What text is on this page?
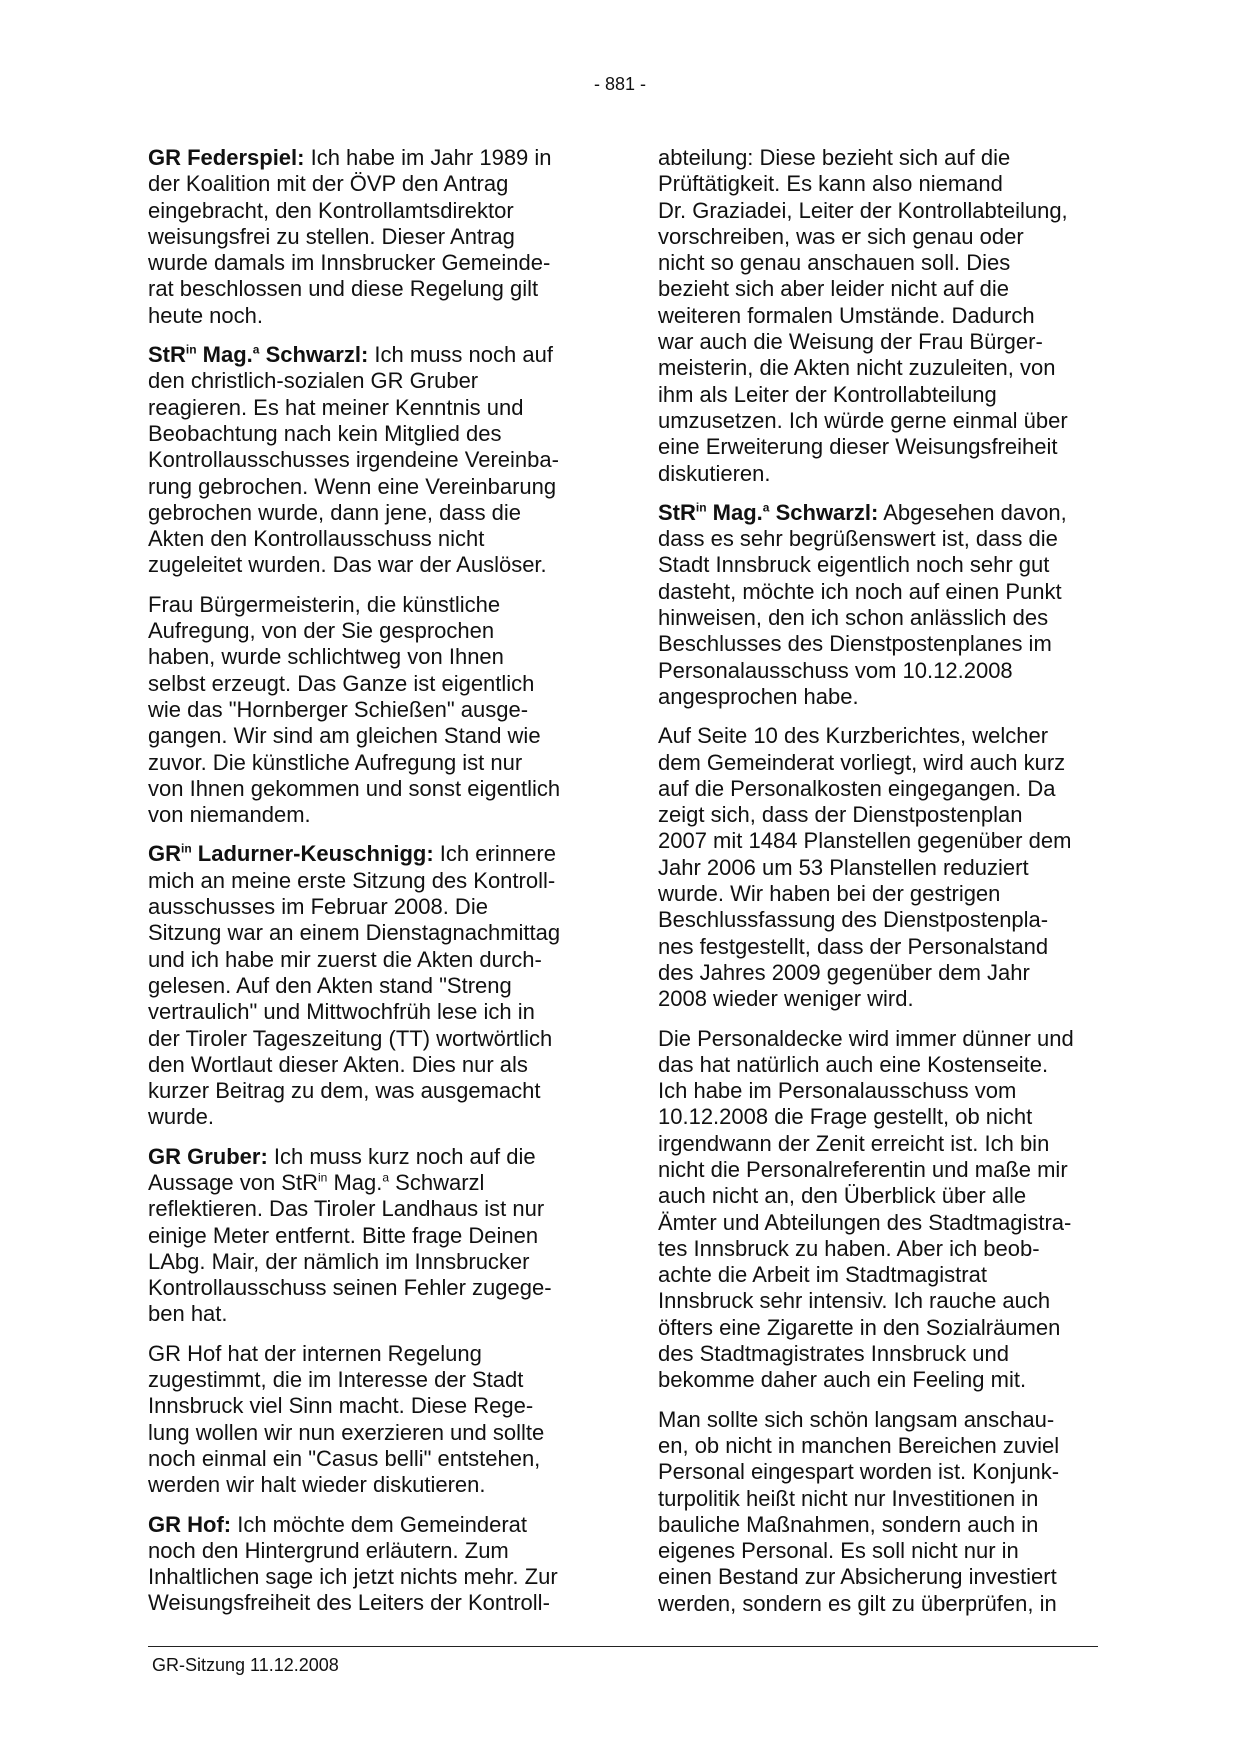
- 881 -

GR Federspiel: Ich habe im Jahr 1989 in
der Koalition mit der ÖVP den Antrag
eingebracht, den Kontrollamtsdirektor
weisungsfrei zu stellen. Dieser Antrag
wurde damals im Innsbrucker Gemeinde-
rat beschlossen und diese Regelung gilt
heute noch.

StR$^{in}$ Mag.$^a$ Schwarzl: Ich muss noch auf
den christlich-sozialen GR Gruber
reagieren. Es hat meiner Kenntnis und
Beobachtung nach kein Mitglied des
Kontrollausschusses irgendeine Vereinba-
rung gebrochen. Wenn eine Vereinbarung
gebrochen wurde, dann jene, dass die
Akten den Kontrollausschuss nicht
zugeleitet wurden. Das war der Auslöser.

Frau Bürgermeisterin, die künstliche
Aufregung, von der Sie gesprochen
haben, wurde schlichtweg von Ihnen
selbst erzeugt. Das Ganze ist eigentlich
wie das "Hornberger Schießen" ausge-
gangen. Wir sind am gleichen Stand wie
zuvor. Die künstliche Aufregung ist nur
von Ihnen gekommen und sonst eigentlich
von niemandem.

$GR^{in}$ Ladurner-Keuschnigg: Ich erinnere
mich an meine erste Sitzung des Kontroll-
ausschusses im Februar 2008. Die
Sitzung war an einem Dienstagnachmittag
und ich habe mir zuerst die Akten durch-
gelesen. Auf den Akten stand "Streng
vertraulich" und Mittwochfrüh lese ich in
der Tiroler Tageszeitung (TT) wortwörtlich
den Wortlaut dieser Akten. Dies nur als
kurzer Beitrag zu dem, was ausgemacht
wurde.

GR Gruber: Ich muss kurz noch auf die
Aussage von StR$^{in}$ Mag.$^a$ Schwarzl
reflektieren. Das Tiroler Landhaus ist nur
einige Meter entfernt. Bitte frage Deinen
LAbg. Mair, der nämlich im Innsbrucker
Kontrollausschuss seinen Fehler zugege-
ben hat.

GR Hof hat der internen Regelung
zugestimmt, die im Interesse der Stadt
Innsbruck viel Sinn macht. Diese Rege-
lung wollen wir nun exerzieren und sollte
noch einmal ein "Casus belli" entstehen,
werden wir halt wieder diskutieren.

GR Hof: Ich möchte dem Gemeinderat
noch den Hintergrund erläutern. Zum
Inhaltlichen sage ich jetzt nichts mehr. Zur
Weisungsfreiheit des Leiters der Kontroll-

abteilung: Diese bezieht sich auf die
Prüftätigkeit. Es kann also niemand
Dr. Graziadei, Leiter der Kontrollabteilung,
vorschreiben, was er sich genau oder
nicht so genau anschauen soll. Dies
bezieht sich aber leider nicht auf die
weiteren formalen Umstände. Dadurch
war auch die Weisung der Frau Bürger-
meisterin, die Akten nicht zuzuleiten, von
ihm als Leiter der Kontrollabteilung
umzusetzen. Ich würde gerne einmal über
eine Erweiterung dieser Weisungsfreiheit
diskutieren.

StR$^{in}$ Mag.$^a$ Schwarzl: Abgesehen davon,
dass es sehr begrüßenswert ist, dass die
Stadt Innsbruck eigentlich noch sehr gut
dasteht, möchte ich noch auf einen Punkt
hinweisen, den ich schon anlässlich des
Beschlusses des Dienstpostenplanes im
Personalausschuss vom 10.12.2008
angesprochen habe.

Auf Seite 10 des Kurzberichtes, welcher
dem Gemeinderat vorliegt, wird auch kurz
auf die Personalkosten eingegangen. Da
zeigt sich, dass der Dienstpostenplan
2007 mit 1484 Planstellen gegenüber dem
Jahr 2006 um 53 Planstellen reduziert
wurde. Wir haben bei der gestrigen
Beschlussfassung des Dienstpostenpla-
nes festgestellt, dass der Personalstand
des Jahres 2009 gegenüber dem Jahr
2008 wieder weniger wird.

Die Personaldecke wird immer dünner und
das hat natürlich auch eine Kostenseite.
Ich habe im Personalausschuss vom
10.12.2008 die Frage gestellt, ob nicht
irgendwann der Zenit erreicht ist. Ich bin
nicht die Personalreferentin und maße mir
auch nicht an, den Überblick über alle
Ämter und Abteilungen des Stadtmagistra-
tes Innsbruck zu haben. Aber ich beob-
achte die Arbeit im Stadtmagistrat
Innsbruck sehr intensiv. Ich rauche auch
öfters eine Zigarette in den Sozialräumen
des Stadtmagistrates Innsbruck und
bekomme daher auch ein Feeling mit.

Man sollte sich schön langsam anschau-
en, ob nicht in manchen Bereichen zuviel
Personal eingespart worden ist. Konjunk-
turpolitik heißt nicht nur Investitionen in
bauliche Maßnahmen, sondern auch in
eigenes Personal. Es soll nicht nur in
einen Bestand zur Absicherung investiert
werden, sondern es gilt zu überprüfen, in

GR-Sitzung 11.12.2008
